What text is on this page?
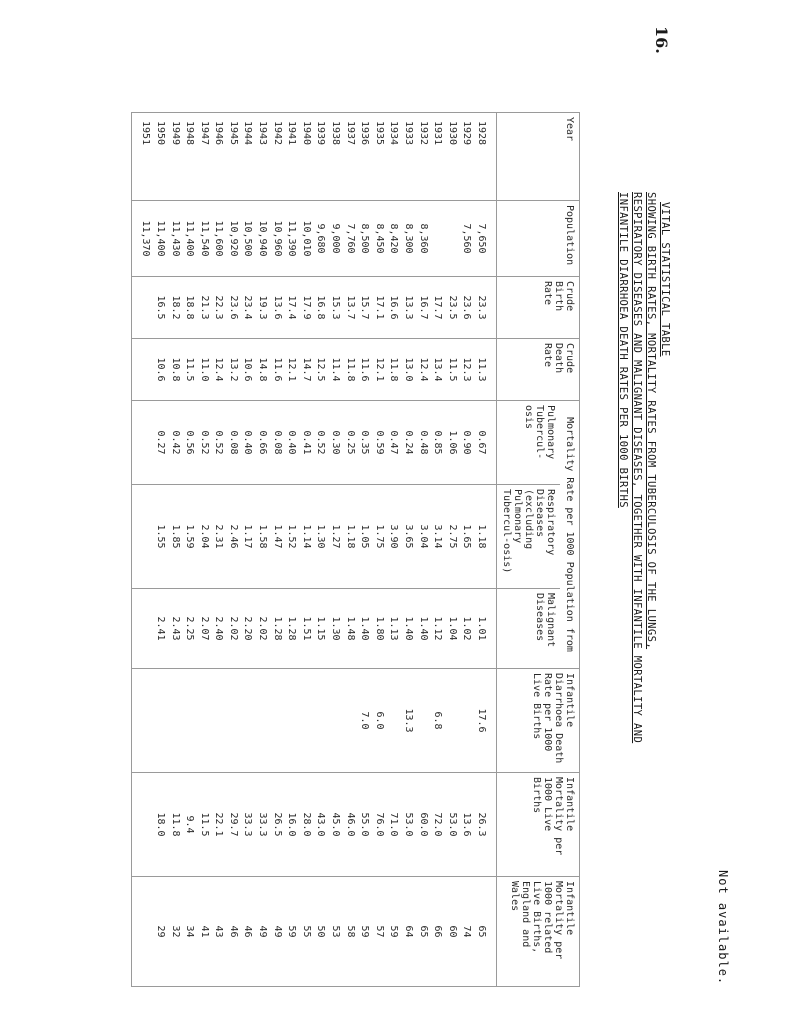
16.
VITAL STATISTICAL TABLE
SHOWING BIRTH RATES, MORTALITY RATES FROM TUBERCULOSIS OF THE LUNGS,
RESPIRATORY DISEASES AND MALIGNANT DISEASES, TOGETHER WITH INFANTILE MORTALITY AND
INFANTILE DIARRHOEA DEATH RATES PER 1000 BIRTHS
Year	Population	Crude Birth Rate	Crude Death Rate	Mortality Rate per 1000 Population from			Infantile Diarrhoea Death Rate per 1000 Live Births	Infantile Mortality per 1000 Live Births	Infantile Mortality per 1000 related Live Births, England and Wales
				Pulmonary Tubercul-osis	Respiratory Diseases (excluding Pulmonary Tubercul-osis)	Malignant Diseases			
1928	7,650	23.3	11.3	0.67	1.18	1.01	17.6	26.3	65
1929	7,560	23.6	12.3	0.90	1.65	1.02		13.6	74
1930		23.5	11.5	1.06	2.75	1.04		53.0	60
1931		17.7	13.4	0.85	3.14	1.12	6.8	72.0	66
1932	8,360	16.7	12.4	0.48	3.04	1.40		60.0	65
1933	8,300	13.3	13.0	0.24	3.65	1.40	13.3	53.0	64
1934	8,420	16.6	11.8	0.47	3.90	1.13		71.0	59
1935	8,450	17.1	12.1	0.59	1.75	1.80	6.0	76.0	57
1936	8,500	15.7	11.6	0.35	1.05	1.40	7.0	55.0	59
1937	7,760	13.7	11.8	0.25	1.18	1.48		46.0	58
1938	9,000	15.3	11.4	0.30	1.27	1.30		45.0	53
1939	9,680	16.8	12.5	0.52	1.30	1.15		43.0	50
1940	10,010	17.9	14.7	0.41	1.14	1.51		28.0	55
1941	11,390	17.4	12.1	0.40	1.52	1.28		16.0	59
1942	10,960	13.6	11.6	0.08	1.47	1.28		26.5	49
1943	10,940	19.3	14.8	0.66	1.58	2.02		33.3	49
1944	10,500	23.4	10.6	0.40	1.17	2.20		33.3	46
1945	10,920	23.6	13.2	0.08	2.46	2.02		29.7	46
1946	11,600	22.3	12.4	0.52	2.31	2.40		22.1	43
1947	11,540	21.3	11.0	0.52	2.04	2.07		11.5	41
1948	11,400	18.8	11.5	0.56	1.59	2.25		9.4	34
1949	11,430	18.2	10.8	0.42	1.85	2.43		11.8	32
1950	11,400	16.5	10.6	0.27	1.55	2.41		18.0	29
1951	11,370								
Not available.
